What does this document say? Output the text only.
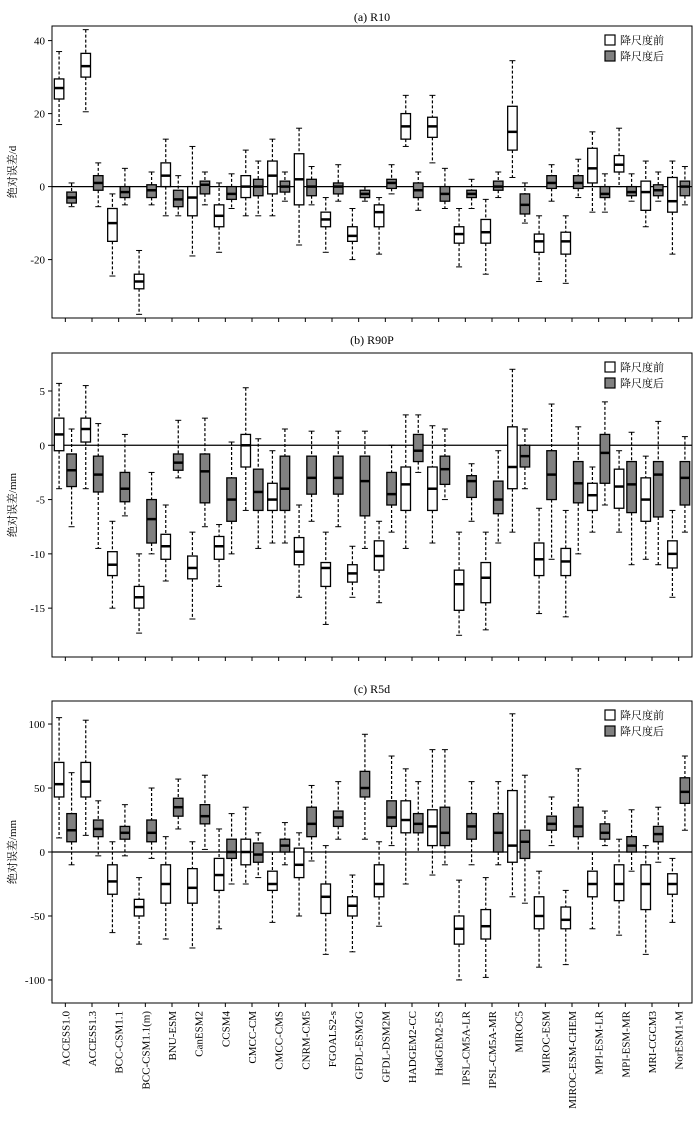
(a) R10
-20
0
20
40
绝对误差/d
降尺度前
降尺度后
(b) R90P
-15
-10
-5
0
5
绝对误差/mm
降尺度前
降尺度后
(c) R5d
-100
-50
0
50
100
绝对误差/mm
降尺度前
降尺度后
ACCESS1.0 ACCESS1.3 BCC-CSM1.1 BCC-CSM1.1(m) BNU-ESM CanESM2 CCSM4 CMCC-CM CMCC-CMS CNRM-CM5 FGOALS2-s GFDL-ESM2G GFDL-DSM2M HADGEM2-CC HadGEM2-ES IPSL-CM5A-LR IPSL-CM5A-MR MIROC5 MIROC-ESM MIROC-ESM-CHEM MPI-ESM-LR MPI-ESM-MR MRI-CGCM3 NorESM1-M
